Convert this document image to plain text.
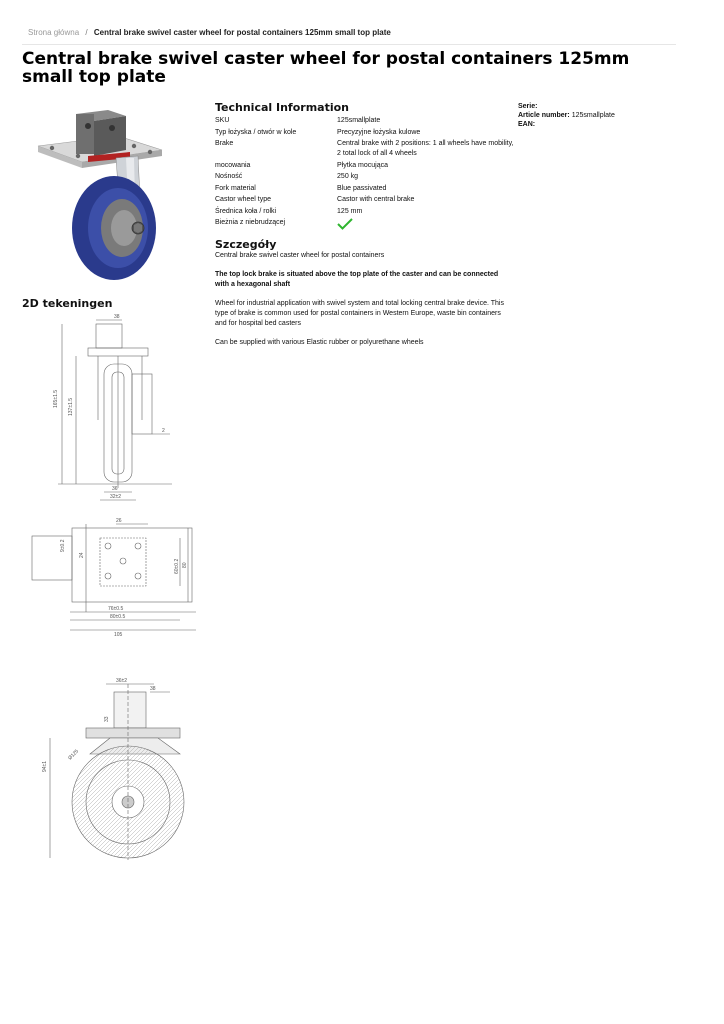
Strona główna / Central brake swivel caster wheel for postal containers 125mm small top plate
Central brake swivel caster wheel for postal containers 125mm small top plate
Technical Information
SKU	125smallplate
Typ łożyska / otwór w kole	Precyzyjne łożyska kulowe
Brake	Central brake with 2 positions: 1 all wheels have mobility, 2 total lock of all 4 wheels
mocowania	Płytka mocująca
Nośność	250 kg
Fork material	Blue passivated
Castor wheel type	Castor with central brake
Średnica koła / rolki	125 mm
Bieżnia z niebrudzącej	
Serie:
Article number: 125smallplate
EAN:
Szczegóły

Central brake swivel caster wheel for postal containers

The top lock brake is situated above the top plate of the caster and can be connected with a hexagonal shaft

Wheel for industrial application with swivel system and total locking central brake device. This type of brake is common used for postal containers in Western Europe, waste bin containers and for hospital bed casters

Can be supplied with various Elastic rubber or polyurethane wheels

2D tekeningen
38
165±1.5 137±1.5
2
36
32±2
26
9±0.2
24
60±0.2 80
76±0.5
80±0.5
105
36±2
38
33
Ø125
94±1
